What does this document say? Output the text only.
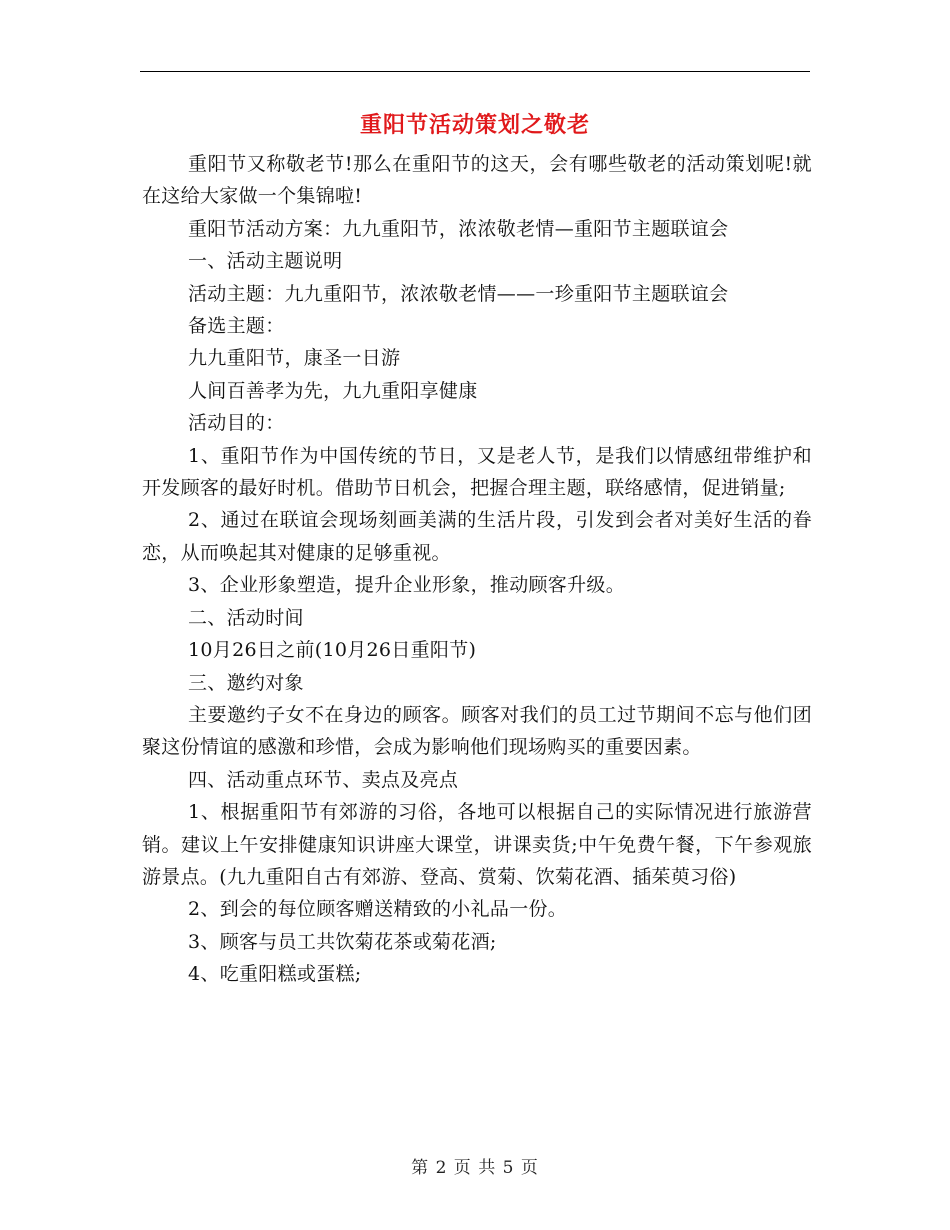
重阳节活动策划之敬老

重阳节又称敬老节!那么在重阳节的这天，会有哪些敬老的活动策划呢!就在这给大家做一个集锦啦!

重阳节活动方案：九九重阳节，浓浓敬老情—重阳节主题联谊会

一、活动主题说明

活动主题：九九重阳节，浓浓敬老情——一珍重阳节主题联谊会

备选主题：

九九重阳节，康圣一日游

人间百善孝为先，九九重阳享健康

活动目的：

1、重阳节作为中国传统的节日，又是老人节，是我们以情感纽带维护和开发顾客的最好时机。借助节日机会，把握合理主题，联络感情，促进销量;

2、通过在联谊会现场刻画美满的生活片段，引发到会者对美好生活的眷恋，从而唤起其对健康的足够重视。

3、企业形象塑造，提升企业形象，推动顾客升级。

二、活动时间

10月26日之前(10月26日重阳节)

三、邀约对象

主要邀约子女不在身边的顾客。顾客对我们的员工过节期间不忘与他们团聚这份情谊的感激和珍惜，会成为影响他们现场购买的重要因素。

四、活动重点环节、卖点及亮点

1、根据重阳节有郊游的习俗，各地可以根据自己的实际情况进行旅游营销。建议上午安排健康知识讲座大课堂，讲课卖货;中午免费午餐，下午参观旅游景点。(九九重阳自古有郊游、登高、赏菊、饮菊花酒、插茱萸习俗)

2、到会的每位顾客赠送精致的小礼品一份。

3、顾客与员工共饮菊花茶或菊花酒;

4、吃重阳糕或蛋糕;

第 2 页 共 5 页
